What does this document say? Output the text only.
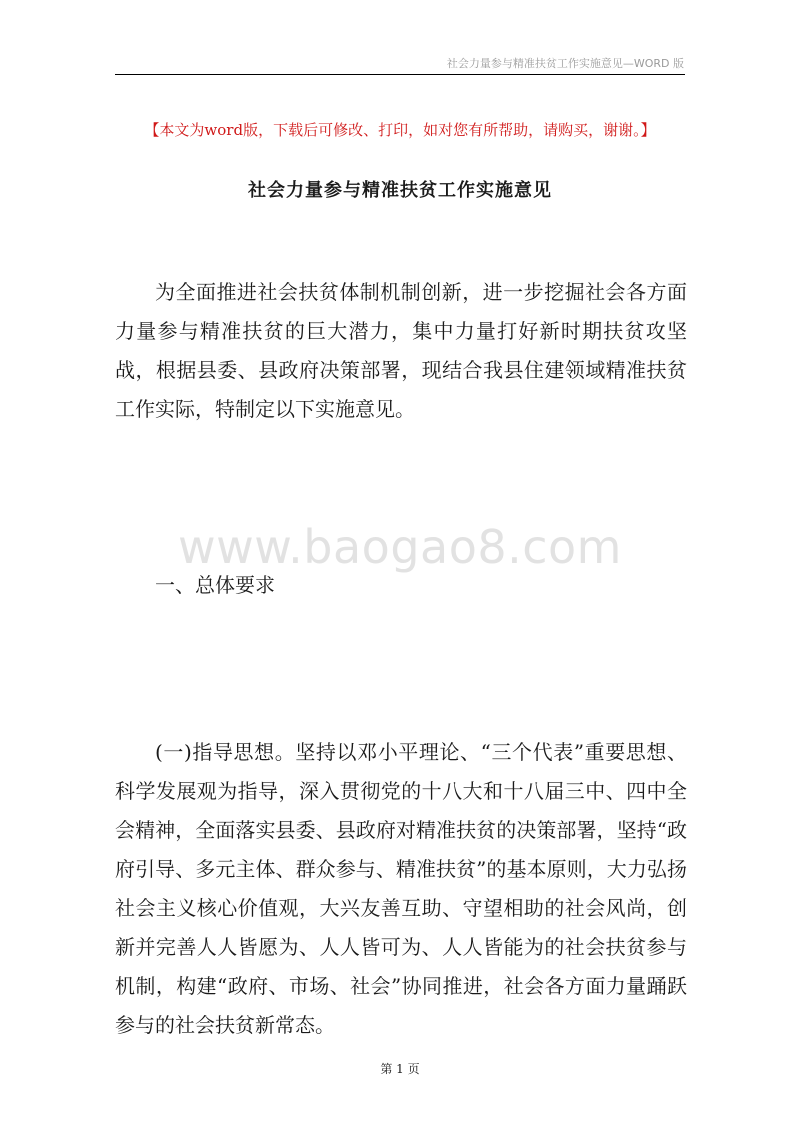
社会力量参与精准扶贫工作实施意见—WORD 版
【本文为word版，下载后可修改、打印，如对您有所帮助，请购买，谢谢。】
社会力量参与精准扶贫工作实施意见

为全面推进社会扶贫体制机制创新，进一步挖掘社会各方面力量参与精准扶贫的巨大潜力，集中力量打好新时期扶贫攻坚战，根据县委、县政府决策部署，现结合我县住建领域精准扶贫工作实际，特制定以下实施意见。

www.baogao8.com
一、总体要求

(一)指导思想。坚持以邓小平理论、“三个代表”重要思想、科学发展观为指导，深入贯彻党的十八大和十八届三中、四中全会精神，全面落实县委、县政府对精准扶贫的决策部署，坚持“政府引导、多元主体、群众参与、精准扶贫”的基本原则，大力弘扬社会主义核心价值观，大兴友善互助、守望相助的社会风尚，创新并完善人人皆愿为、人人皆可为、人人皆能为的社会扶贫参与机制，构建“政府、市场、社会”协同推进，社会各方面力量踊跃参与的社会扶贫新常态。

第 1 页
